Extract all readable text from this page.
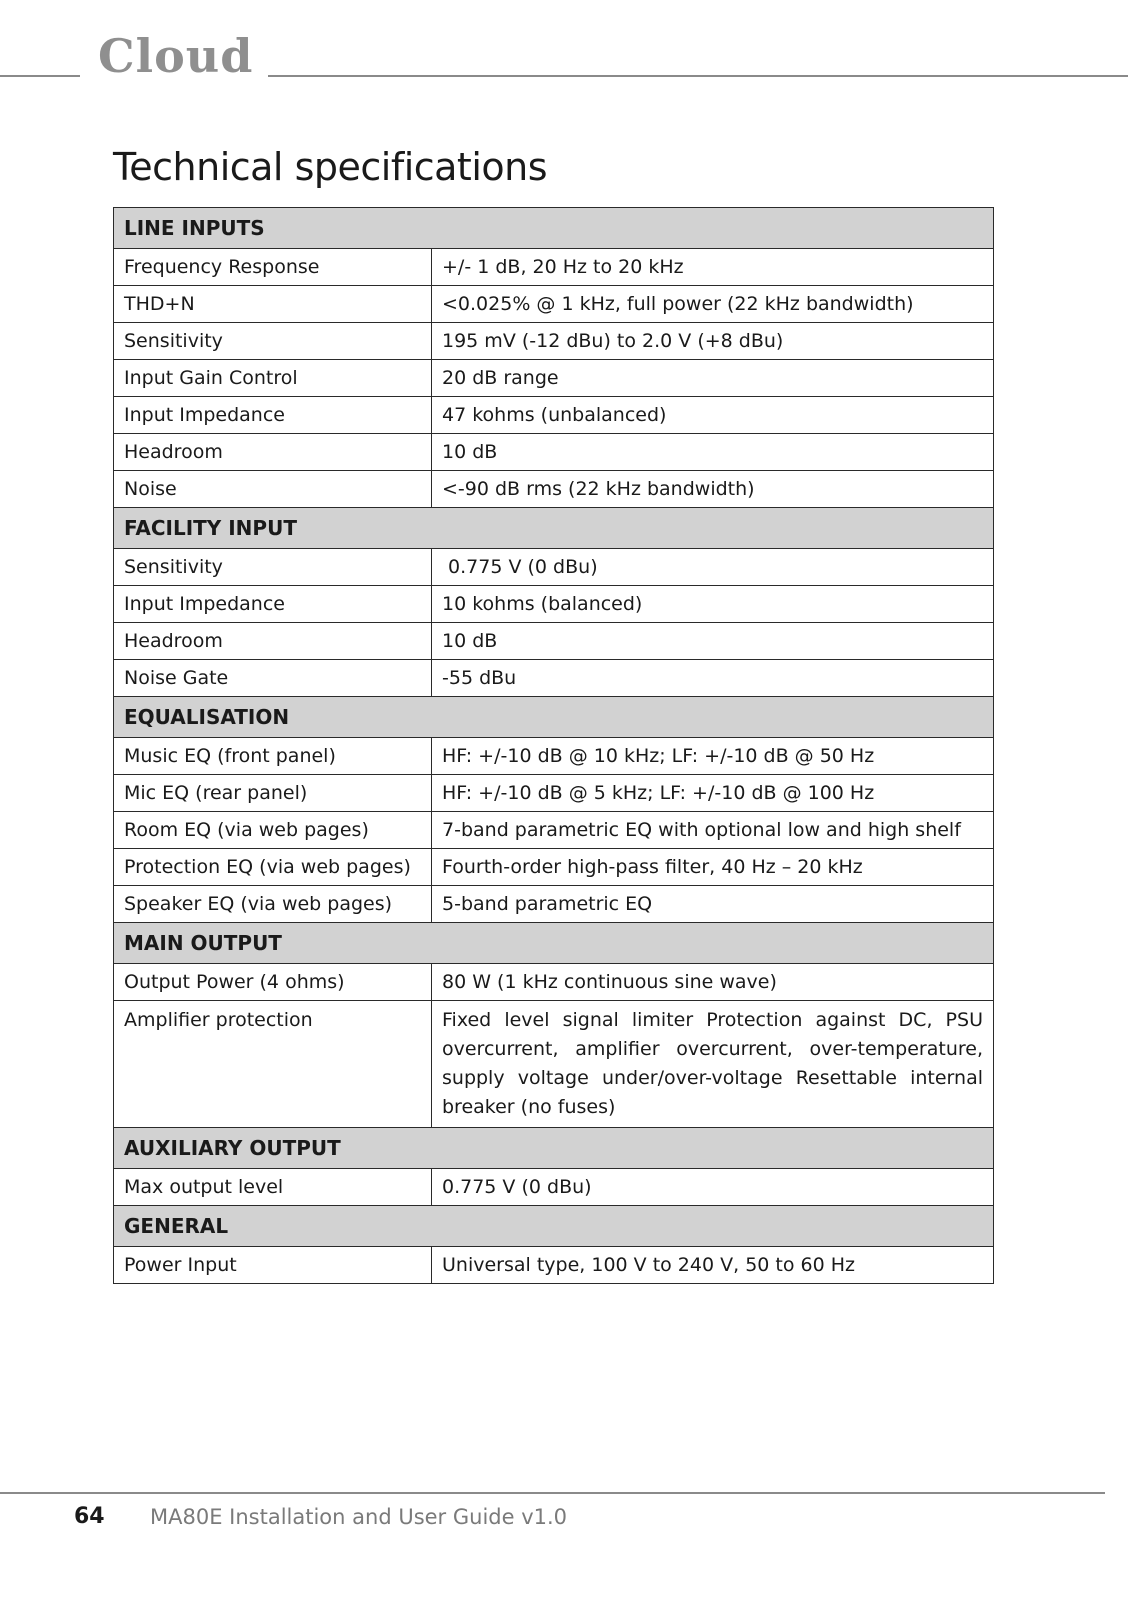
Cloud
Technical specifications
LINE INPUTS	
Frequency Response	+/- 1 dB, 20 Hz to 20 kHz
THD+N	<0.025% @ 1 kHz, full power (22 kHz bandwidth)
Sensitivity	195 mV (-12 dBu) to 2.0 V (+8 dBu)
Input Gain Control	20 dB range
Input Impedance	47 kohms (unbalanced)
Headroom	10 dB
Noise	<-90 dB rms (22 kHz bandwidth)
FACILITY INPUT	
Sensitivity	0.775 V (0 dBu)
Input Impedance	10 kohms (balanced)
Headroom	10 dB
Noise Gate	-55 dBu
EQUALISATION	
Music EQ (front panel)	HF: +/-10 dB @ 10 kHz; LF: +/-10 dB @ 50 Hz
Mic EQ (rear panel)	HF: +/-10 dB @ 5 kHz; LF: +/-10 dB @ 100 Hz
Room EQ (via web pages)	7-band parametric EQ with optional low and high shelf
Protection EQ (via web pages)	Fourth-order high-pass filter, 40 Hz – 20 kHz
Speaker EQ (via web pages)	5-band parametric EQ
MAIN OUTPUT	
Output Power (4 ohms)	80 W (1 kHz continuous sine wave)
Amplifier protection	Fixed level signal limiter Protection against DC, PSU overcurrent, amplifier overcurrent, over-temperature, supply voltage under/over-voltage Resettable internal breaker (no fuses)
AUXILIARY OUTPUT	
Max output level	0.775 V (0 dBu)
GENERAL	
Power Input	Universal type, 100 V to 240 V, 50 to 60 Hz
64 MA80E Installation and User Guide v1.0
